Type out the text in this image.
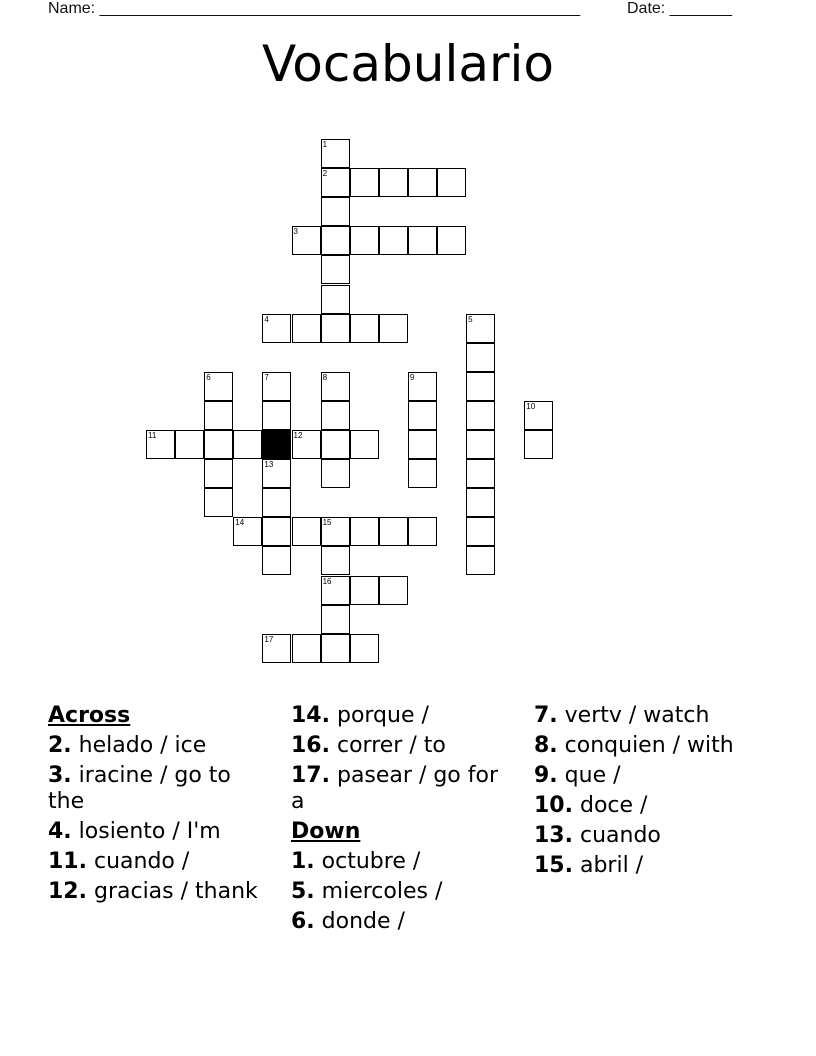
Name: ______________________________________________________	Date: _______
Vocabulario
1
2
3
4	5
6	7	8	9
10
11	12
13
14	15
16
17
Across
2. helado / ice
3. iracine / go to the
4. losiento / I'm
11. cuando /
12. gracias / thank
14. porque /
16. correr / to
17. pasear / go for a
Down
1. octubre /
5. miercoles /
6. donde /
7. vertv / watch
8. conquien / with
9. que /
10. doce /
13. cuando
15. abril /
